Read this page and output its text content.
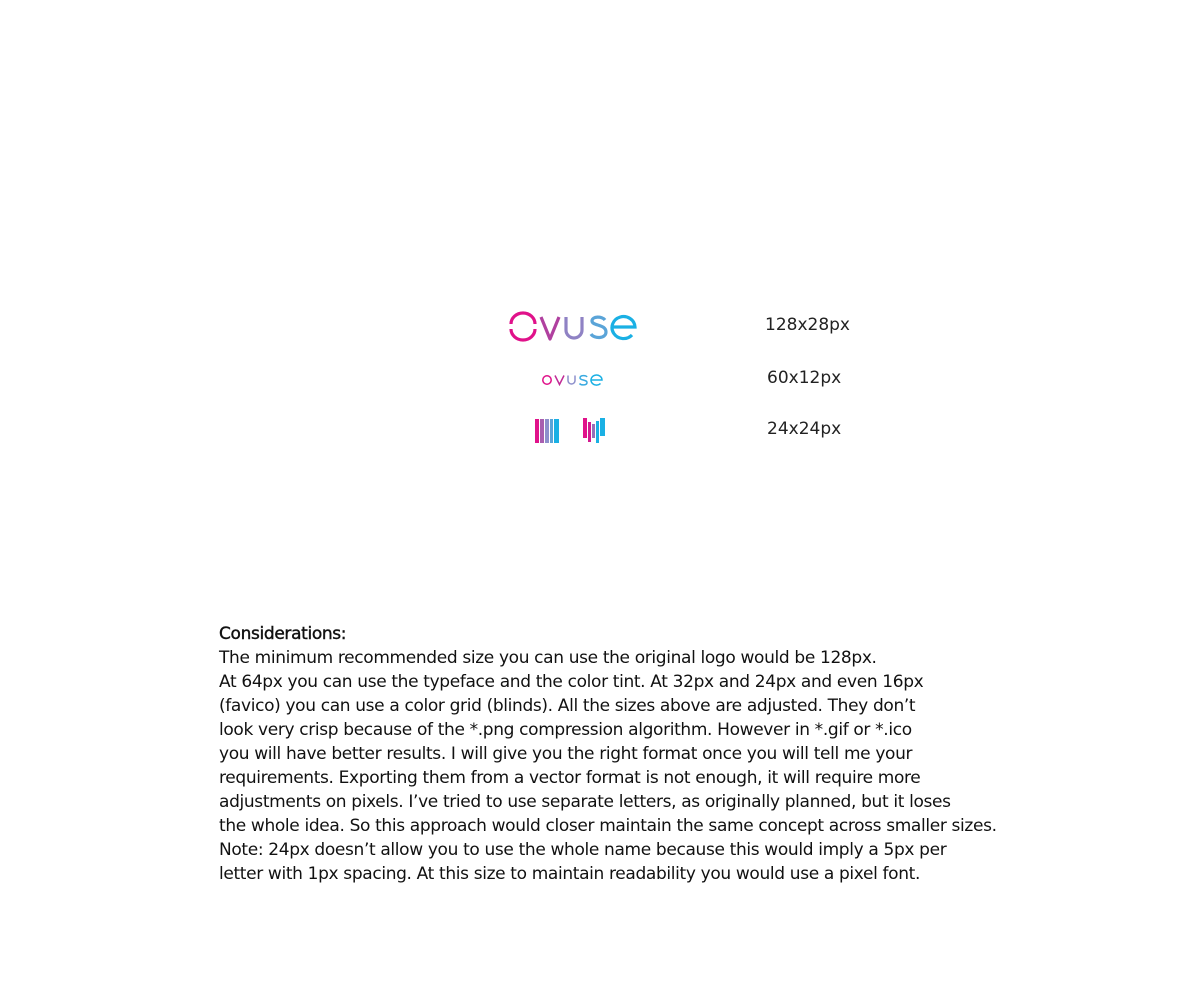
128x28px
60x12px
24x24px
Considerations:
The minimum recommended size you can use the original logo would be 128px.
At 64px you can use the typeface and the color tint. At 32px and 24px and even 16px
(favico) you can use a color grid (blinds). All the sizes above are adjusted. They don’t
look very crisp because of the *.png compression algorithm. However in *.gif or *.ico
you will have better results. I will give you the right format once you will tell me your
requirements. Exporting them from a vector format is not enough, it will require more
adjustments on pixels. I’ve tried to use separate letters, as originally planned, but it loses
the whole idea. So this approach would closer maintain the same concept across smaller sizes.
Note: 24px doesn’t allow you to use the whole name because this would imply a 5px per
letter with 1px spacing. At this size to maintain readability you would use a pixel font.
